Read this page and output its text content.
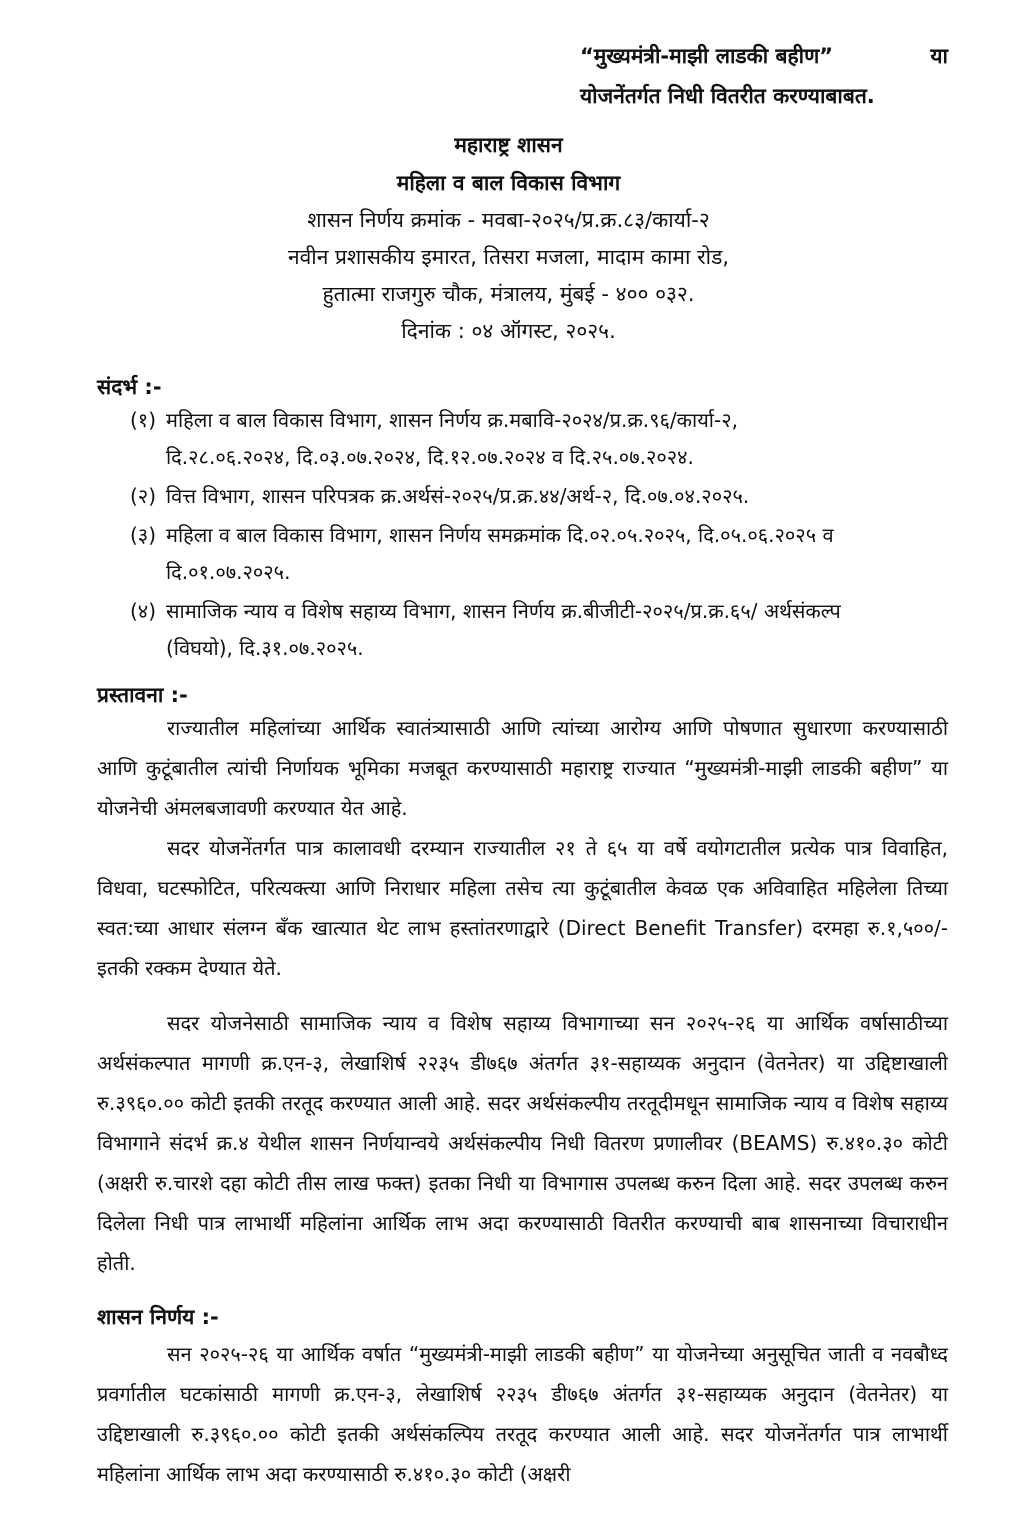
“मुख्यमंत्री-माझी लाडकी बहीण”	या
योजनेंतर्गत निधी वितरीत करण्याबाबत.
महाराष्ट्र शासन
महिला व बाल विकास विभाग
शासन निर्णय क्रमांक - मवबा-२०२५/प्र.क्र.८३/कार्या-२
नवीन प्रशासकीय इमारत, तिसरा मजला, मादाम कामा रोड,
हुतात्मा राजगुरु चौक, मंत्रालय, मुंबई - ४०० ०३२.
दिनांक : ०४ ऑगस्ट, २०२५.
संदर्भ :-
(१) महिला व बाल विकास विभाग, शासन निर्णय क्र.मबावि-२०२४/प्र.क्र.९६/कार्या-२,
दि.२८.०६.२०२४, दि.०३.०७.२०२४, दि.१२.०७.२०२४ व दि.२५.०७.२०२४.
(२) वित्त विभाग, शासन परिपत्रक क्र.अर्थसं-२०२५/प्र.क्र.४४/अर्थ-२, दि.०७.०४.२०२५.
(३) महिला व बाल विकास विभाग, शासन निर्णय समक्रमांक दि.०२.०५.२०२५, दि.०५.०६.२०२५ व
दि.०१.०७.२०२५.
(४) सामाजिक न्याय व विशेष सहाय्य विभाग, शासन निर्णय क्र.बीजीटी-२०२५/प्र.क्र.६५/ अर्थसंकल्प
(विघयो), दि.३१.०७.२०२५.
प्रस्तावना :-

राज्यातील महिलांच्या आर्थिक स्वातंत्र्यासाठी आणि त्यांच्या आरोग्य आणि पोषणात सुधारणा करण्यासाठी आणि कुटूंबातील त्यांची निर्णायक भूमिका मजबूत करण्यासाठी महाराष्ट्र राज्यात “मुख्यमंत्री-माझी लाडकी बहीण” या योजनेची अंमलबजावणी करण्यात येत आहे.

सदर योजनेंतर्गत पात्र कालावधी दरम्यान राज्यातील २१ ते ६५ या वर्षे वयोगटातील प्रत्येक पात्र विवाहित, विधवा, घटस्फोटित, परित्यक्त्या आणि निराधार महिला तसेच त्या कुटूंबातील केवळ एक अविवाहित महिलेला तिच्या स्वत:च्या आधार संलग्न बँक खात्यात थेट लाभ हस्तांतरणाद्वारे (Direct Benefit Transfer) दरमहा रु.१,५००/- इतकी रक्कम देण्यात येते.

सदर योजनेसाठी सामाजिक न्याय व विशेष सहाय्य विभागाच्या सन २०२५-२६ या आर्थिक वर्षासाठीच्या अर्थसंकल्पात मागणी क्र.एन-३, लेखाशिर्ष २२३५ डी७६७ अंतर्गत ३१-सहाय्यक अनुदान (वेतनेतर) या उद्दिष्टाखाली रु.३९६०.०० कोटी इतकी तरतूद करण्यात आली आहे. सदर अर्थसंकल्पीय तरतूदीमधून सामाजिक न्याय व विशेष सहाय्य विभागाने संदर्भ क्र.४ येथील शासन निर्णयान्वये अर्थसंकल्पीय निधी वितरण प्रणालीवर (BEAMS) रु.४१०.३० कोटी (अक्षरी रु.चारशे दहा कोटी तीस लाख फक्त) इतका निधी या विभागास उपलब्ध करुन दिला आहे. सदर उपलब्ध करुन दिलेला निधी पात्र लाभार्थी महिलांना आर्थिक लाभ अदा करण्यासाठी वितरीत करण्याची बाब शासनाच्या विचाराधीन होती.

शासन निर्णय :-

सन २०२५-२६ या आर्थिक वर्षात “मुख्यमंत्री-माझी लाडकी बहीण” या योजनेच्या अनुसूचित जाती व नवबौध्द प्रवर्गातील घटकांसाठी मागणी क्र.एन-३, लेखाशिर्ष २२३५ डी७६७ अंतर्गत ३१-सहाय्यक अनुदान (वेतनेतर) या उद्दिष्टाखाली रु.३९६०.०० कोटी इतकी अर्थसंकल्पिय तरतूद करण्यात आली आहे. सदर योजनेंतर्गत पात्र लाभार्थी महिलांना आर्थिक लाभ अदा करण्यासाठी रु.४१०.३० कोटी (अक्षरी
